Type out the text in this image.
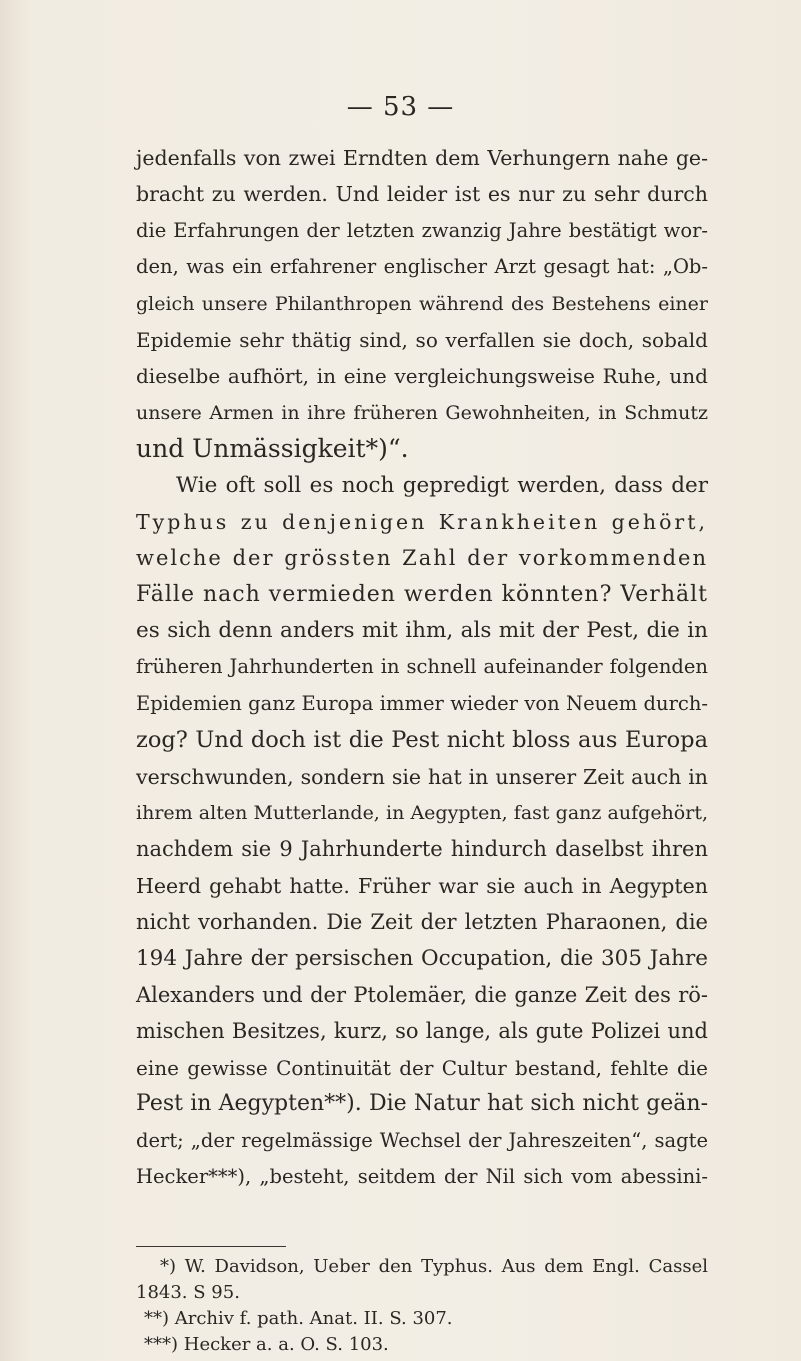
— 53 —
jedenfalls von zwei Erndten dem Verhungern nahe ge-
bracht zu werden. Und leider ist es nur zu sehr durch
die Erfahrungen der letzten zwanzig Jahre bestätigt wor-
den, was ein erfahrener englischer Arzt gesagt hat: „Ob-
gleich unsere Philanthropen während des Bestehens einer
Epidemie sehr thätig sind, so verfallen sie doch, sobald
dieselbe aufhört, in eine vergleichungsweise Ruhe, und
unsere Armen in ihre früheren Gewohnheiten, in Schmutz
und Unmässigkeit*)“.
Wie oft soll es noch gepredigt werden, dass der
Typhus zu denjenigen Krankheiten gehört,
welche der grössten Zahl der vorkommenden
Fälle nach vermieden werden könnten? Verhält
es sich denn anders mit ihm, als mit der Pest, die in
früheren Jahrhunderten in schnell aufeinander folgenden
Epidemien ganz Europa immer wieder von Neuem durch-
zog? Und doch ist die Pest nicht bloss aus Europa
verschwunden, sondern sie hat in unserer Zeit auch in
ihrem alten Mutterlande, in Aegypten, fast ganz aufgehört,
nachdem sie 9 Jahrhunderte hindurch daselbst ihren
Heerd gehabt hatte. Früher war sie auch in Aegypten
nicht vorhanden. Die Zeit der letzten Pharaonen, die
194 Jahre der persischen Occupation, die 305 Jahre
Alexanders und der Ptolemäer, die ganze Zeit des rö-
mischen Besitzes, kurz, so lange, als gute Polizei und
eine gewisse Continuität der Cultur bestand, fehlte die
Pest in Aegypten**). Die Natur hat sich nicht geän-
dert; „der regelmässige Wechsel der Jahreszeiten“, sagte
Hecker***), „besteht, seitdem der Nil sich vom abessini-
*) W. Davidson, Ueber den Typhus. Aus dem Engl. Cassel
1843. S 95.
**) Archiv f. path. Anat. II. S. 307.
***) Hecker a. a. O. S. 103.
